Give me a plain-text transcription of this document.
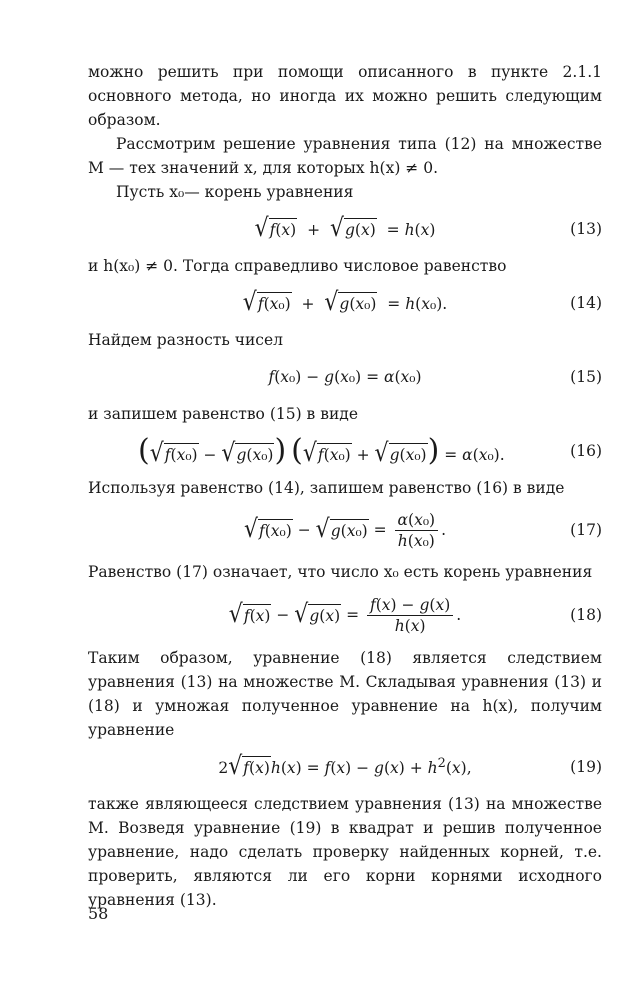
можно решить при помощи описанного в пункте 2.1.1 основного метода, но иногда их можно решить следующим образом.

Рассмотрим решение уравнения типа (12) на множестве M — тех значений x, для которых h(x) ≠ 0.

Пусть x₀— корень уравнения

√ f(x) + √ g(x) = h(x)	(13)

и h(x₀) ≠ 0. Тогда справедливо числовое равенство

√ f(x₀) + √ g(x₀) = h(x₀).	(14)

Найдем разность чисел

f(x₀) − g(x₀) = α(x₀)	(15)

и запишем равенство (15) в виде

( √ f(x₀) − √ g(x₀) ) ( √ f(x₀) + √ g(x₀) ) = α(x₀).	(16)

Используя равенство (14), запишем равенство (16) в виде

√ f(x₀) − √ $g(x_0) = \frac{\text{α(x₀)}}{\text{h(x₀)}}$ .	(17)

Равенство (17) означает, что число x₀ есть корень уравнения

√ f(x) − √ $g(x) = \frac{f(x) - g(x)}{h(x)}$ .	(18)

Таким образом, уравнение (18) является следствием уравнения (13) на множестве M. Складывая уравнения (13) и (18) и умножая полученное уравнение на h(x), получим уравнение

2 √ f(x) $h(x) = f(x) - g(x) + h^2(x)$,	(19)

также являющееся следствием уравнения (13) на множестве M. Возведя уравнение (19) в квадрат и решив полученное уравнение, надо сделать проверку найденных корней, т.е. проверить, являются ли его корни корнями исходного уравнения (13).

58
